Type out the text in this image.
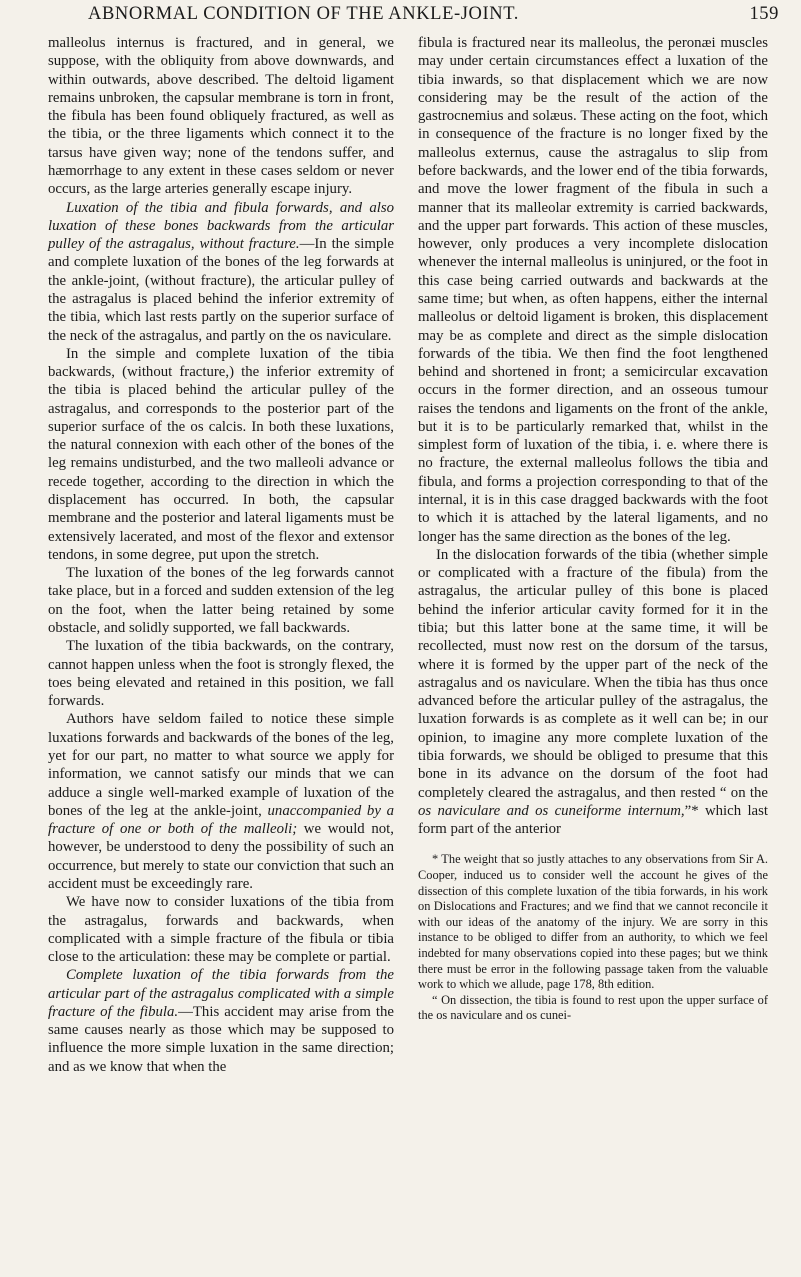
ABNORMAL CONDITION OF THE ANKLE-JOINT.	159

malleolus internus is fractured, and in general, we suppose, with the obliquity from above downwards, and within outwards, above described. The deltoid ligament remains unbroken, the capsular membrane is torn in front, the fibula has been found obliquely fractured, as well as the tibia, or the three ligaments which connect it to the tarsus have given way; none of the tendons suffer, and hæmorrhage to any extent in these cases seldom or never occurs, as the large arteries generally escape injury.

Luxation of the tibia and fibula forwards, and also luxation of these bones backwards from the articular pulley of the astragalus, without fracture.—In the simple and complete luxation of the bones of the leg forwards at the ankle-joint, (without fracture), the articular pulley of the astragalus is placed behind the inferior extremity of the tibia, which last rests partly on the superior surface of the neck of the astragalus, and partly on the os naviculare.

In the simple and complete luxation of the tibia backwards, (without fracture,) the inferior extremity of the tibia is placed behind the articular pulley of the astragalus, and corresponds to the posterior part of the superior surface of the os calcis. In both these luxations, the natural connexion with each other of the bones of the leg remains undisturbed, and the two malleoli advance or recede together, according to the direction in which the displacement has occurred. In both, the capsular membrane and the posterior and lateral ligaments must be extensively lacerated, and most of the flexor and extensor tendons, in some degree, put upon the stretch.

The luxation of the bones of the leg forwards cannot take place, but in a forced and sudden extension of the leg on the foot, when the latter being retained by some obstacle, and solidly supported, we fall backwards.

The luxation of the tibia backwards, on the contrary, cannot happen unless when the foot is strongly flexed, the toes being elevated and retained in this position, we fall forwards.

Authors have seldom failed to notice these simple luxations forwards and backwards of the bones of the leg, yet for our part, no matter to what source we apply for information, we cannot satisfy our minds that we can adduce a single well-marked example of luxation of the bones of the leg at the ankle-joint, unaccompanied by a fracture of one or both of the malleoli; we would not, however, be understood to deny the possibility of such an occurrence, but merely to state our conviction that such an accident must be exceedingly rare.

We have now to consider luxations of the tibia from the astragalus, forwards and backwards, when complicated with a simple fracture of the fibula or tibia close to the articulation: these may be complete or partial.

Complete luxation of the tibia forwards from the articular part of the astragalus complicated with a simple fracture of the fibula.—This accident may arise from the same causes nearly as those which may be supposed to influence the more simple luxation in the same direction; and as we know that when the

fibula is fractured near its malleolus, the peronæi muscles may under certain circumstances effect a luxation of the tibia inwards, so that displacement which we are now considering may be the result of the action of the gastrocnemius and solæus. These acting on the foot, which in consequence of the fracture is no longer fixed by the malleolus externus, cause the astragalus to slip from before backwards, and the lower end of the tibia forwards, and move the lower fragment of the fibula in such a manner that its malleolar extremity is carried backwards, and the upper part forwards. This action of these muscles, however, only produces a very incomplete dislocation whenever the internal malleolus is uninjured, or the foot in this case being carried outwards and backwards at the same time; but when, as often happens, either the internal malleolus or deltoid ligament is broken, this displacement may be as complete and direct as the simple dislocation forwards of the tibia. We then find the foot lengthened behind and shortened in front; a semicircular excavation occurs in the former direction, and an osseous tumour raises the tendons and ligaments on the front of the ankle, but it is to be particularly remarked that, whilst in the simplest form of luxation of the tibia, i. e. where there is no fracture, the external malleolus follows the tibia and fibula, and forms a projection corresponding to that of the internal, it is in this case dragged backwards with the foot to which it is attached by the lateral ligaments, and no longer has the same direction as the bones of the leg.

In the dislocation forwards of the tibia (whether simple or complicated with a fracture of the fibula) from the astragalus, the articular pulley of this bone is placed behind the inferior articular cavity formed for it in the tibia; but this latter bone at the same time, it will be recollected, must now rest on the dorsum of the tarsus, where it is formed by the upper part of the neck of the astragalus and os naviculare. When the tibia has thus once advanced before the articular pulley of the astragalus, the luxation forwards is as complete as it well can be; in our opinion, to imagine any more complete luxation of the tibia forwards, we should be obliged to presume that this bone in its advance on the dorsum of the foot had completely cleared the astragalus, and then rested “ on the os naviculare and os cuneiforme internum,”* which last form part of the anterior

* The weight that so justly attaches to any observations from Sir A. Cooper, induced us to consider well the account he gives of the dissection of this complete luxation of the tibia forwards, in his work on Dislocations and Fractures; and we find that we cannot reconcile it with our ideas of the anatomy of the injury. We are sorry in this instance to be obliged to differ from an authority, to which we feel indebted for many observations copied into these pages; but we think there must be error in the following passage taken from the valuable work to which we allude, page 178, 8th edition.

“ On dissection, the tibia is found to rest upon the upper surface of the os naviculare and os cunei-
